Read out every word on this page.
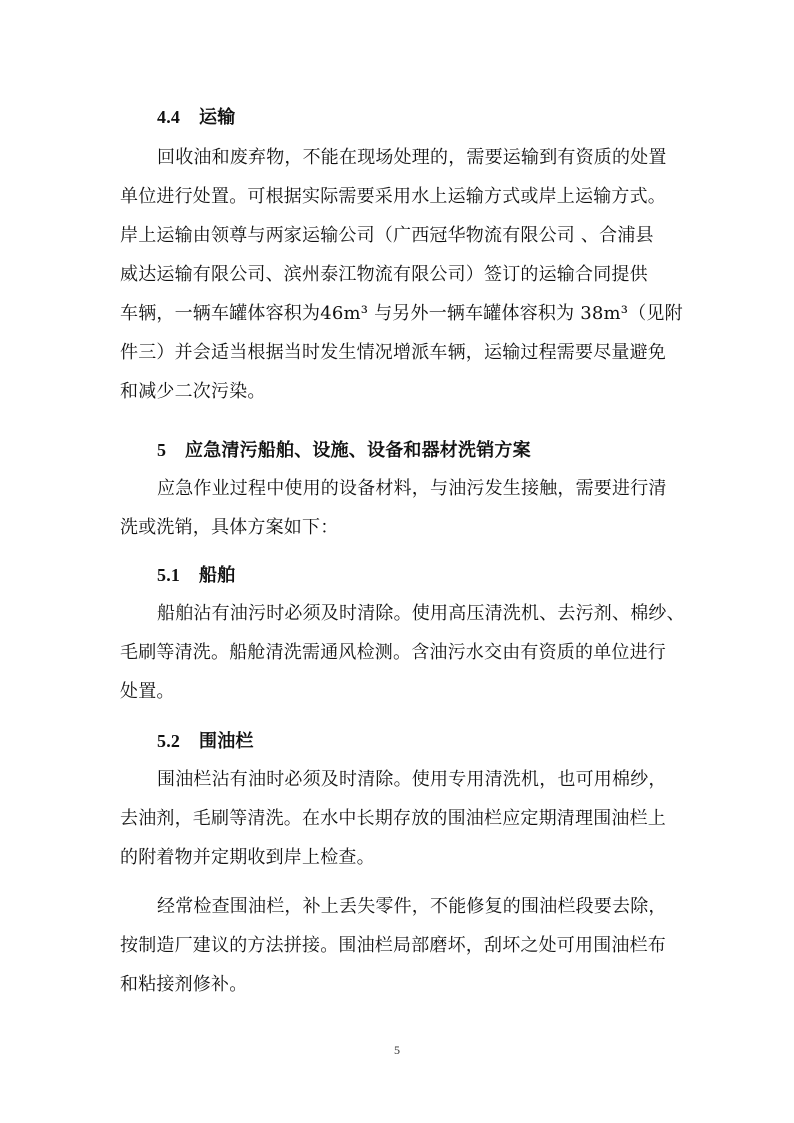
4.4 运输
回收油和废弃物，不能在现场处理的，需要运输到有资质的处置
单位进行处置。可根据实际需要采用水上运输方式或岸上运输方式。
岸上运输由领尊与两家运输公司（广西冠华物流有限公司 、合浦县
威达运输有限公司、滨州泰江物流有限公司）签订的运输合同提供
车辆，一辆车罐体容积为46m³ 与另外一辆车罐体容积为 38m³（见附
件三）并会适当根据当时发生情况增派车辆，运输过程需要尽量避免
和减少二次污染。
5 应急清污船舶、设施、设备和器材洗销方案
应急作业过程中使用的设备材料，与油污发生接触，需要进行清
洗或洗销，具体方案如下：
5.1 船舶
船舶沾有油污时必须及时清除。使用高压清洗机、去污剂、棉纱、
毛刷等清洗。船舱清洗需通风检测。含油污水交由有资质的单位进行
处置。
5.2 围油栏
围油栏沾有油时必须及时清除。使用专用清洗机，也可用棉纱，
去油剂，毛刷等清洗。在水中长期存放的围油栏应定期清理围油栏上
的附着物并定期收到岸上检查。
经常检查围油栏，补上丢失零件，不能修复的围油栏段要去除，
按制造厂建议的方法拼接。围油栏局部磨坏，刮坏之处可用围油栏布
和粘接剂修补。
5
